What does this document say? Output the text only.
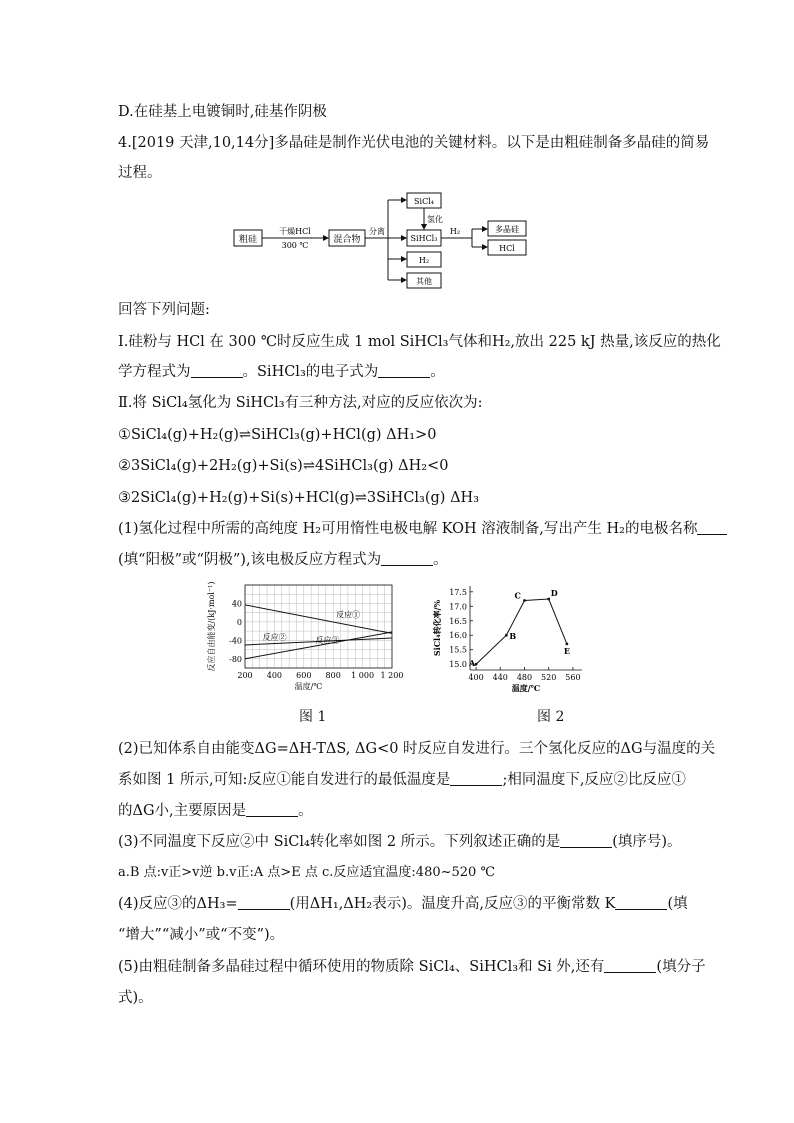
D.在硅基上电镀铜时,硅基作阴极
4.[2019 天津,10,14分]多晶硅是制作光伏电池的关键材料。以下是由粗硅制备多晶硅的简易
过程。
粗硅
干燥HCl
300 ℃
混合物
分离
SiCl₄
氢化
SiHCl₃
H₂
其他
H₂	多晶硅
HCl
回答下列问题:
Ⅰ.硅粉与 HCl 在 300 ℃时反应生成 1 mol SiHCl₃气体和H₂,放出 225 kJ 热量,该反应的热化
学方程式为	。SiHCl₃的电子式为	。
Ⅱ.将 SiCl₄氢化为 SiHCl₃有三种方法,对应的反应依次为:
①SiCl₄(g)+H₂(g)⇌SiHCl₃(g)+HCl(g) ΔH₁>0
②3SiCl₄(g)+2H₂(g)+Si(s)⇌4SiHCl₃(g) ΔH₂<0
③2SiCl₄(g)+H₂(g)+Si(s)+HCl(g)⇌3SiHCl₃(g) ΔH₃
(1)氢化过程中所需的高纯度 H₂可用惰性电极电解 KOH 溶液制备,写出产生 H₂的电极名称
(填“阳极”或“阴极”),该电极反应方程式为	。
40
0
-40
-80
200 400 600 800 1 000 1 200
温度/℃
反应自由能变/(kJ·mol⁻¹)	反应①
反应②	反应③
图 1
17.5
17.0
16.5
16.0
15.5
15.0
400 440 480 520 560
温度/℃
SiCl₄转化率/%
A
B
C	D
E
图 2
(2)已知体系自由能变ΔG=ΔH-TΔS, ΔG<0 时反应自发进行。三个氢化反应的ΔG与温度的关
系如图 1 所示,可知:反应①能自发进行的最低温度是	;相同温度下,反应②比反应①
的ΔG小,主要原因是	。
(3)不同温度下反应②中 SiCl₄转化率如图 2 所示。下列叙述正确的是	(填序号)。
a.B 点:v正>v逆 b.v正:A 点>E 点 c.反应适宜温度:480~520 ℃
(4)反应③的ΔH₃=	(用ΔH₁,ΔH₂表示)。温度升高,反应③的平衡常数 K	(填
“增大”“减小”或“不变”)。
(5)由粗硅制备多晶硅过程中循环使用的物质除 SiCl₄、SiHCl₃和 Si 外,还有	(填分子
式)。
